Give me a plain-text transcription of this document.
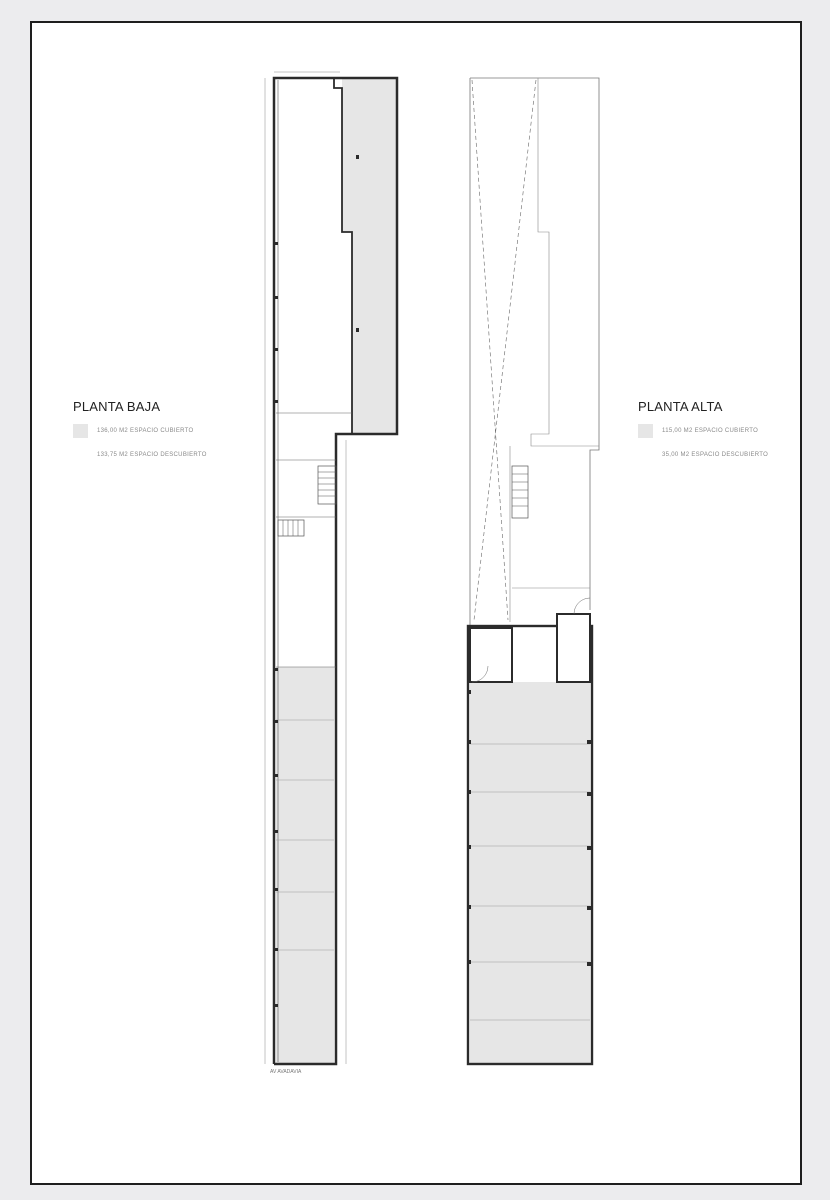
PLANTA BAJA
136,00 M2 ESPACIO CUBIERTO
133,75 M2 ESPACIO DESCUBIERTO
PLANTA ALTA
115,00 M2 ESPACIO CUBIERTO
35,00 M2 ESPACIO DESCUBIERTO
AV AVADAVIA
